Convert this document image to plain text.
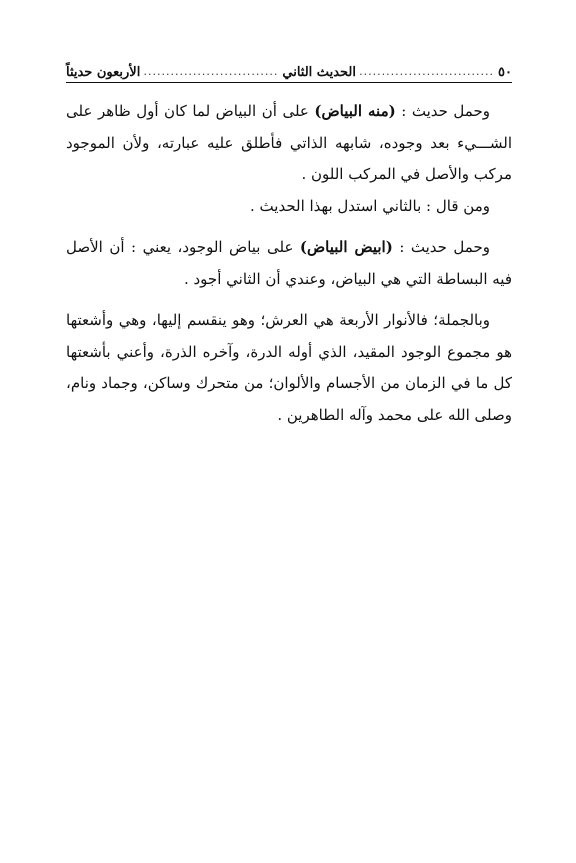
٥٠
.....
الحديث الثاني
.....
الأربعون حديثاً

وحمل حديث : (منه البياض) على أن البياض لما كان أول ظاهر على الشـــيء بعد وجوده، شابهه الذاتي فأطلق عليه عبارته، ولأن الموجود مركب والأصل في المركب اللون .

ومن قال : بالثاني استدل بهذا الحديث .

وحمل حديث : (ابيض البياض) على بياض الوجود، يعني : أن الأصل فيه البساطة التي هي البياض، وعندي أن الثاني أجود .

وبالجملة؛ فالأنوار الأربعة هي العرش؛ وهو ينقسم إليها، وهي وأشعتها هو مجموع الوجود المقيد، الذي أوله الدرة، وآخره الذرة، وأعني بأشعتها كل ما في الزمان من الأجسام والألوان؛ من متحرك وساكن، وجماد ونام، وصلى الله على محمد وآله الطاهرين .
